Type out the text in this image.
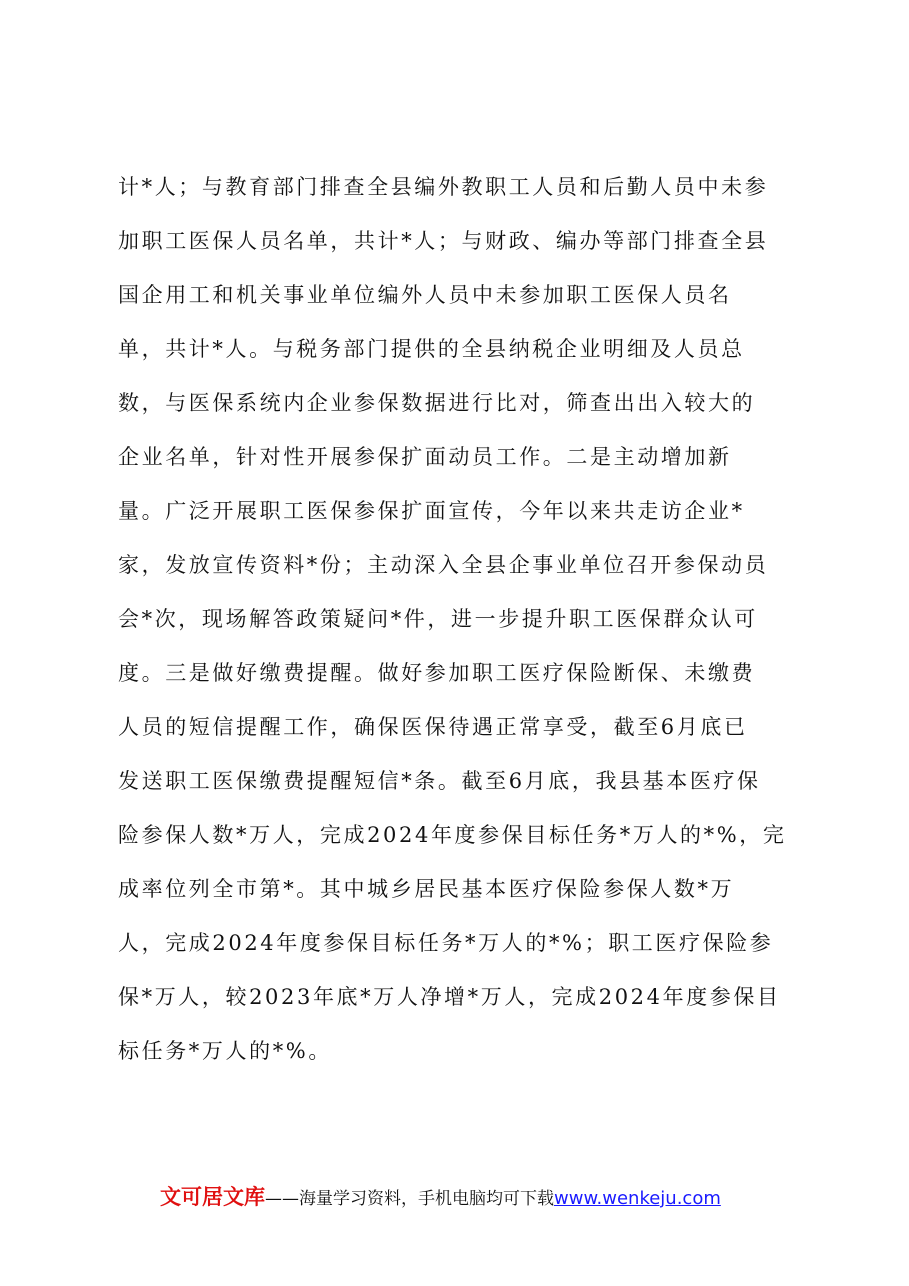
计*人；与教育部门排查全县编外教职工人员和后勤人员中未参
加职工医保人员名单，共计*人；与财政、编办等部门排查全县
国企用工和机关事业单位编外人员中未参加职工医保人员名
单，共计*人。与税务部门提供的全县纳税企业明细及人员总
数，与医保系统内企业参保数据进行比对，筛查出出入较大的
企业名单，针对性开展参保扩面动员工作。二是主动增加新
量。广泛开展职工医保参保扩面宣传，今年以来共走访企业*
家，发放宣传资料*份；主动深入全县企事业单位召开参保动员
会*次，现场解答政策疑问*件，进一步提升职工医保群众认可
度。三是做好缴费提醒。做好参加职工医疗保险断保、未缴费
人员的短信提醒工作，确保医保待遇正常享受，截至6月底已
发送职工医保缴费提醒短信*条。截至6月底，我县基本医疗保
险参保人数*万人，完成2024年度参保目标任务*万人的*%，完
成率位列全市第*。其中城乡居民基本医疗保险参保人数*万
人，完成2024年度参保目标任务*万人的*%；职工医疗保险参
保*万人，较2023年底*万人净增*万人，完成2024年度参保目
标任务*万人的*%。
文可居文库——海量学习资料，手机电脑均可下载www.wenkeju.com
